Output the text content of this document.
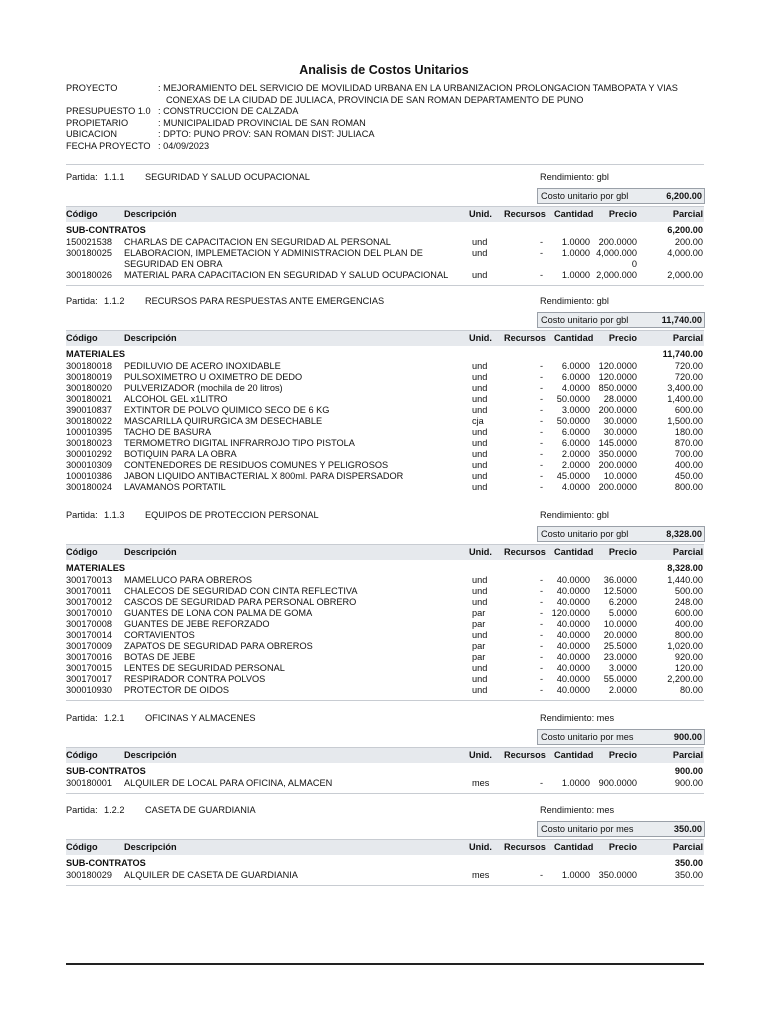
Analisis de Costos Unitarios
PROYECTO	: MEJORAMIENTO DEL SERVICIO DE MOVILIDAD URBANA EN LA URBANIZACION PROLONGACION TAMBOPATA Y VIAS
CONEXAS DE LA CIUDAD DE JULIACA, PROVINCIA DE SAN ROMAN DEPARTAMENTO DE PUNO
PRESUPUESTO 1.0 : CONSTRUCCION DE CALZADA
PROPIETARIO	: MUNICIPALIDAD PROVINCIAL DE SAN ROMAN
UBICACION	: DPTO: PUNO PROV: SAN ROMAN DIST: JULIACA
FECHA PROYECTO : 04/09/2023
Partida: 1.1.1 SEGURIDAD Y SALUD OCUPACIONAL	Rendimiento: gbl
Costo unitario por gbl	6,200.00
Código	Descripción	Unid. Recursos Cantidad Precio	Parcial
SUB-CONTRATOS	6,200.00
150021538 CHARLAS DE CAPACITACION EN SEGURIDAD AL PERSONAL	und	- 1.0000 200.0000	200.00
300180025 ELABORACION, IMPLEMETACION Y ADMINISTRACION DEL PLAN DE	und	- 1.0000 4,000.000	4,000.00
SEGURIDAD EN OBRA	0
300180026 MATERIAL PARA CAPACITACION EN SEGURIDAD Y SALUD OCUPACIONAL	und	- 1.0000 2,000.000	2,000.00
Partida: 1.1.2 RECURSOS PARA RESPUESTAS ANTE EMERGENCIAS	Rendimiento: gbl
Costo unitario por gbl	11,740.00
Código	Descripción	Unid. Recursos Cantidad Precio	Parcial
MATERIALES	11,740.00
300180018 PEDILUVIO DE ACERO INOXIDABLE	und	- 6.0000 120.0000	720.00
300180019 PULSOXIMETRO U OXIMETRO DE DEDO	und	- 6.0000 120.0000	720.00
300180020 PULVERIZADOR (mochila de 20 litros)	und	- 4.0000 850.0000	3,400.00
300180021 ALCOHOL GEL x1LITRO	und	- 50.0000 28.0000	1,400.00
390010837 EXTINTOR DE POLVO QUIMICO SECO DE 6 KG	und	- 3.0000 200.0000	600.00
300180022 MASCARILLA QUIRURGICA 3M DESECHABLE	cja	- 50.0000 30.0000	1,500.00
100010395 TACHO DE BASURA	und	- 6.0000 30.0000	180.00
300180023 TERMOMETRO DIGITAL INFRARROJO TIPO PISTOLA	und	- 6.0000 145.0000	870.00
300010292 BOTIQUIN PARA LA OBRA	und	- 2.0000 350.0000	700.00
300010309 CONTENEDORES DE RESIDUOS COMUNES Y PELIGROSOS	und	- 2.0000 200.0000	400.00
100010386 JABON LIQUIDO ANTIBACTERIAL X 800ml. PARA DISPERSADOR	und	- 45.0000 10.0000	450.00
300180024 LAVAMANOS PORTATIL	und	- 4.0000 200.0000	800.00
Partida: 1.1.3 EQUIPOS DE PROTECCION PERSONAL	Rendimiento: gbl
Costo unitario por gbl	8,328.00
Código	Descripción	Unid. Recursos Cantidad Precio	Parcial
MATERIALES	8,328.00
300170013 MAMELUCO PARA OBREROS	und	- 40.0000 36.0000	1,440.00
300170011 CHALECOS DE SEGURIDAD CON CINTA REFLECTIVA	und	- 40.0000 12.5000	500.00
300170012 CASCOS DE SEGURIDAD PARA PERSONAL OBRERO	und	- 40.0000 6.2000	248.00
300170010 GUANTES DE LONA CON PALMA DE GOMA	par	- 120.0000 5.0000	600.00
300170008 GUANTES DE JEBE REFORZADO	par	- 40.0000 10.0000	400.00
300170014 CORTAVIENTOS	und	- 40.0000 20.0000	800.00
300170009 ZAPATOS DE SEGURIDAD PARA OBREROS	par	- 40.0000 25.5000	1,020.00
300170016 BOTAS DE JEBE	par	- 40.0000 23.0000	920.00
300170015 LENTES DE SEGURIDAD PERSONAL	und	- 40.0000 3.0000	120.00
300170017 RESPIRADOR CONTRA POLVOS	und	- 40.0000 55.0000	2,200.00
300010930 PROTECTOR DE OIDOS	und	- 40.0000 2.0000	80.00
Partida: 1.2.1 OFICINAS Y ALMACENES	Rendimiento: mes
Costo unitario por mes	900.00
Código	Descripción	Unid. Recursos Cantidad Precio	Parcial
SUB-CONTRATOS	900.00
300180001 ALQUILER DE LOCAL PARA OFICINA, ALMACEN	mes	- 1.0000 900.0000	900.00
Partida: 1.2.2 CASETA DE GUARDIANIA	Rendimiento: mes
Costo unitario por mes	350.00
Código	Descripción	Unid. Recursos Cantidad Precio	Parcial
SUB-CONTRATOS	350.00
300180029 ALQUILER DE CASETA DE GUARDIANIA	mes	- 1.0000 350.0000	350.00
